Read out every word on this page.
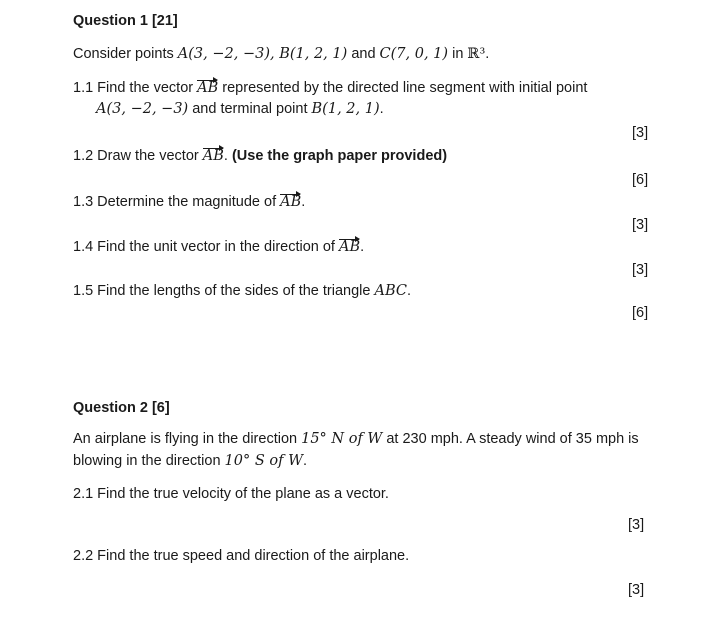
Question 1 [21]
Consider points A(3, −2, −3), B(1, 2, 1) and C(7, 0, 1) in ℝ³.
1.1 Find the vector AB represented by the directed line segment with initial point
A(3, −2, −3) and terminal point B(1, 2, 1).
[3]
1.2 Draw the vector AB. (Use the graph paper provided)
[6]
1.3 Determine the magnitude of AB.
[3]
1.4 Find the unit vector in the direction of AB.
[3]
1.5 Find the lengths of the sides of the triangle ABC.
[6]
Question 2 [6]
An airplane is flying in the direction 15° N of W at 230 mph. A steady wind of 35 mph is
blowing in the direction 10° S of W.
2.1 Find the true velocity of the plane as a vector.
[3]
2.2 Find the true speed and direction of the airplane.
[3]
